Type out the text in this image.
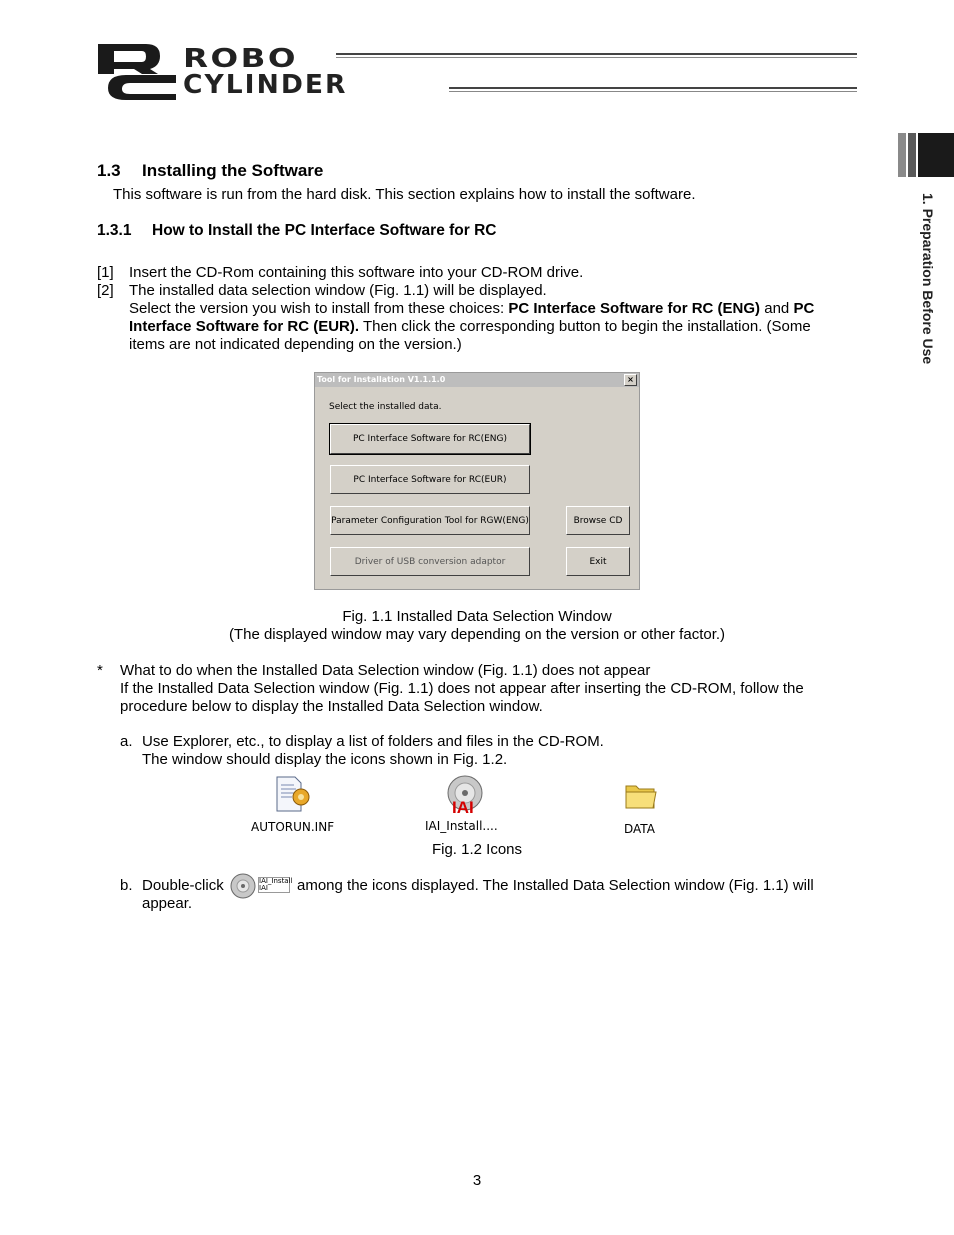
ROBO
CYLINDER
1. Preparation Before Use
1.3 Installing the Software
This software is run from the hard disk. This section explains how to install the software.
1.3.1 How to Install the PC Interface Software for RC
[1] Insert the CD-Rom containing this software into your CD-ROM drive.
[2] The installed data selection window (Fig. 1.1) will be displayed.
Select the version you wish to install from these choices: PC Interface Software for RC (ENG) and PC
Interface Software for RC (EUR). Then click the corresponding button to begin the installation. (Some
items are not indicated depending on the version.)
Tool for Installation V1.1.1.0	×
Select the installed data.
PC Interface Software for RC(ENG)
PC Interface Software for RC(EUR)
Parameter Configuration Tool for RGW(ENG)	Browse CD
Driver of USB conversion adaptor	Exit
Fig. 1.1 Installed Data Selection Window
(The displayed window may vary depending on the version or other factor.)
* What to do when the Installed Data Selection window (Fig. 1.1) does not appear
If the Installed Data Selection window (Fig. 1.1) does not appear after inserting the CD-ROM, follow the
procedure below to display the Installed Data Selection window.
a. Use Explorer, etc., to display a list of folders and files in the CD-ROM.
The window should display the icons shown in Fig. 1.2.
AUTORUN.INF
IAI
IAI_Install....	DATA
Fig. 1.2 Icons
b. Double-click	IAI_Install
IAI	among the icons displayed. The Installed Data Selection window (Fig. 1.1) will
appear.
3
